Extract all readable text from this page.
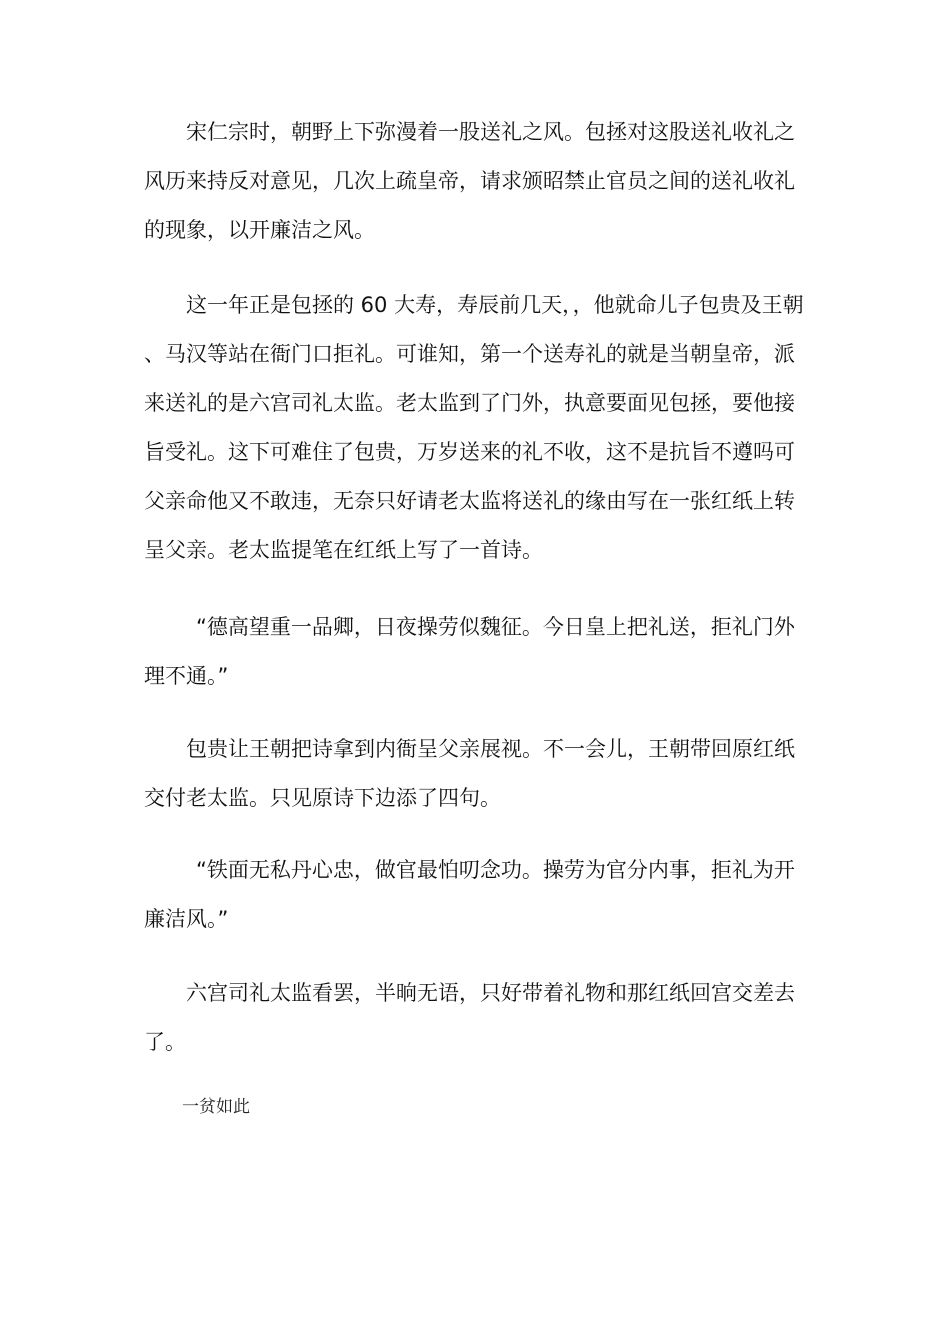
宋仁宗时，朝野上下弥漫着一股送礼之风。包拯对这股送礼收礼之风历来持反对意见，几次上疏皇帝，请求颁昭禁止官员之间的送礼收礼的现象，以开廉洁之风。

这一年正是包拯的 60 大寿，寿辰前几天，，他就命儿子包贵及王朝、马汉等站在衙门口拒礼。可谁知，第一个送寿礼的就是当朝皇帝，派来送礼的是六宫司礼太监。老太监到了门外，执意要面见包拯，要他接旨受礼。这下可难住了包贵，万岁送来的礼不收，这不是抗旨不遵吗可父亲命他又不敢违，无奈只好请老太监将送礼的缘由写在一张红纸上转呈父亲。老太监提笔在红纸上写了一首诗。

“德高望重一品卿，日夜操劳似魏征。今日皇上把礼送，拒礼门外理不通。”

包贵让王朝把诗拿到内衙呈父亲展视。不一会儿，王朝带回原红纸交付老太监。只见原诗下边添了四句。

“铁面无私丹心忠，做官最怕叨念功。操劳为官分内事，拒礼为开廉洁风。”

六宫司礼太监看罢，半晌无语，只好带着礼物和那红纸回宫交差去了。

一贫如此
